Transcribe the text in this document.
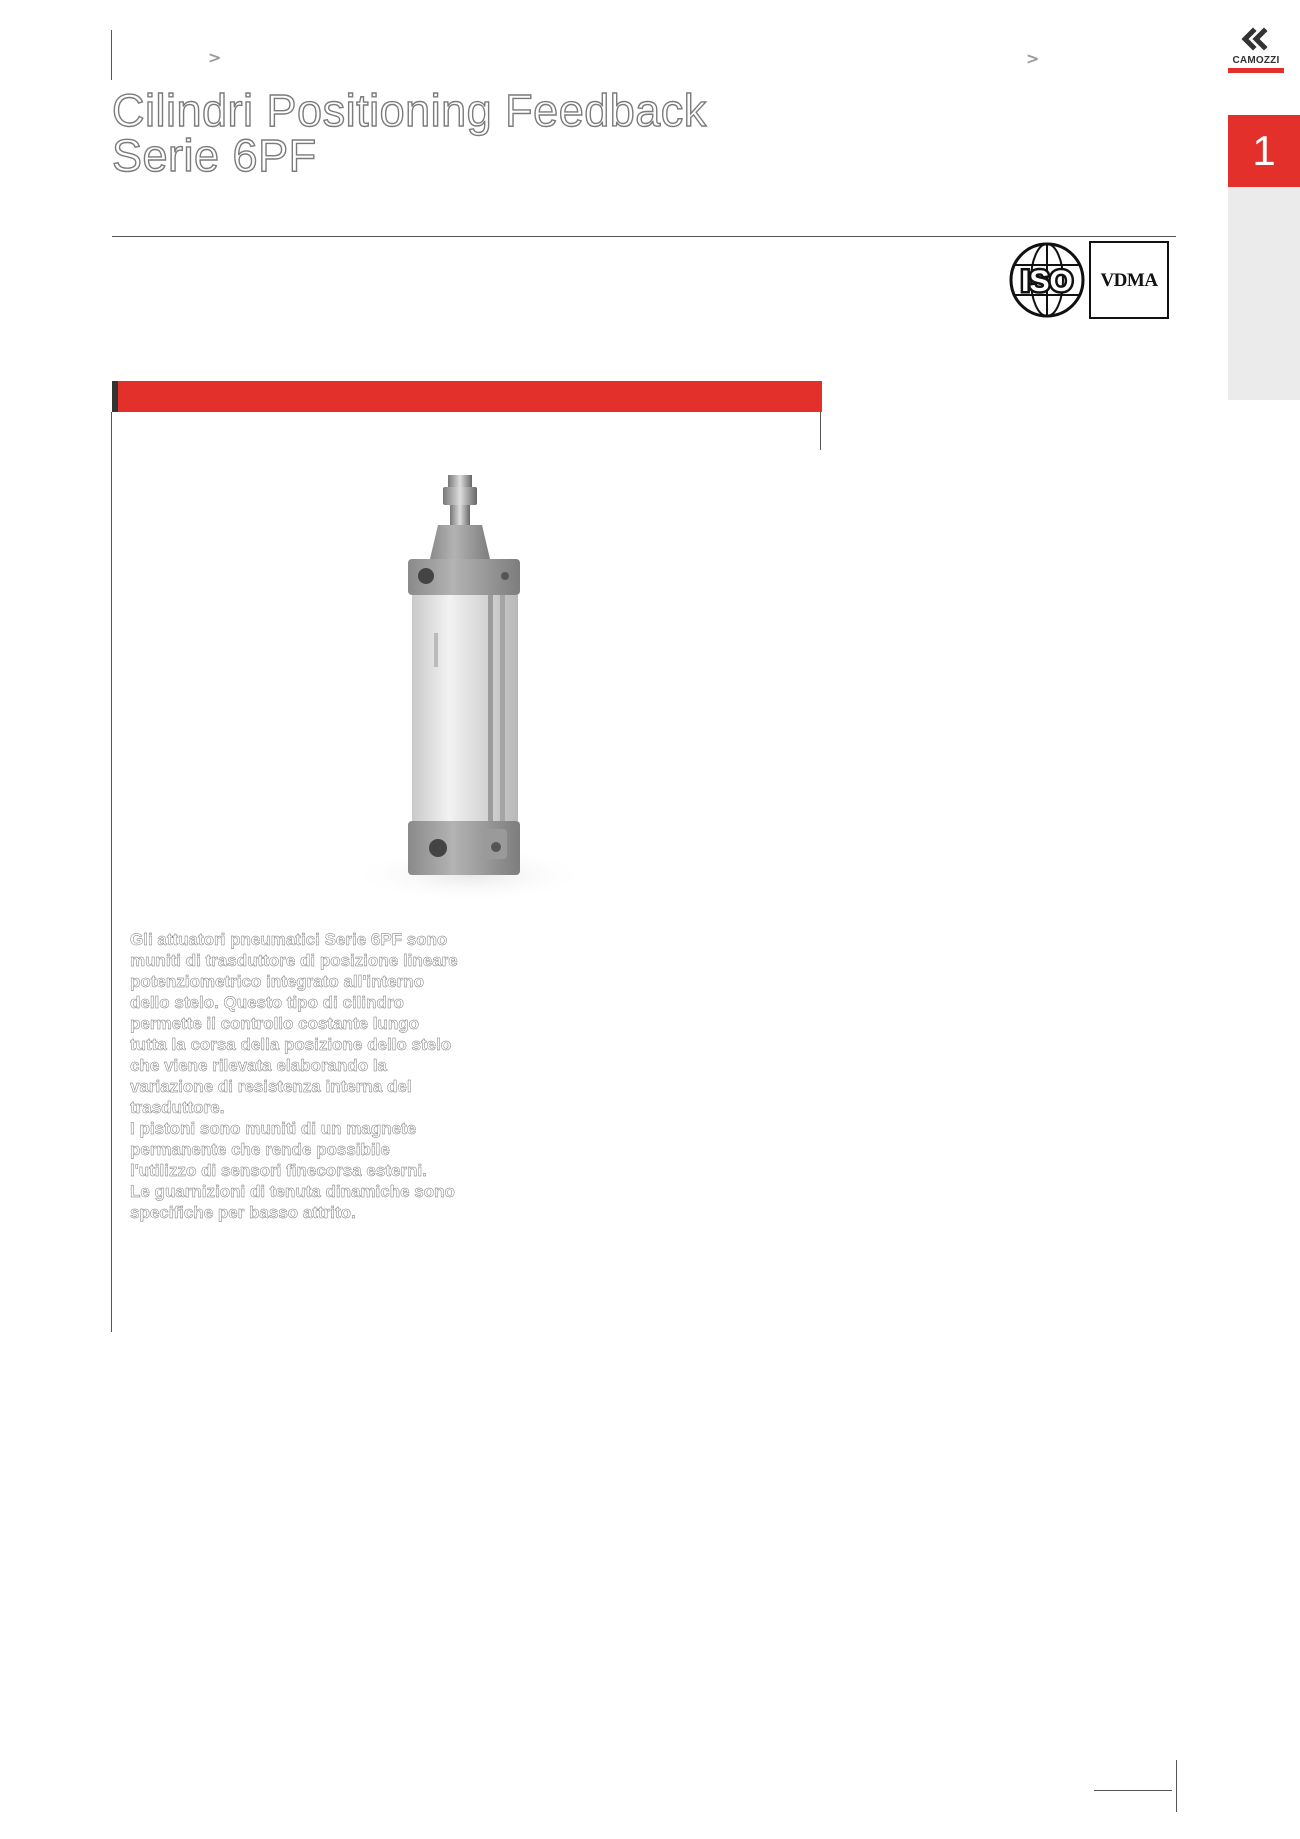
>	>
Cilindri Positioning Feedback
Serie 6PF
CAMOZZI
1
ISO	VDMA

Gli attuatori pneumatici Serie 6PF sono muniti di trasduttore di posizione lineare potenziometrico integrato all'interno dello stelo. Questo tipo di cilindro permette il controllo costante lungo tutta la corsa della posizione dello stelo che viene rilevata elaborando la variazione di resistenza interna del trasduttore.

I pistoni sono muniti di un magnete permanente che rende possibile l'utilizzo di sensori finecorsa esterni.

Le guarnizioni di tenuta dinamiche sono specifiche per basso attrito.
